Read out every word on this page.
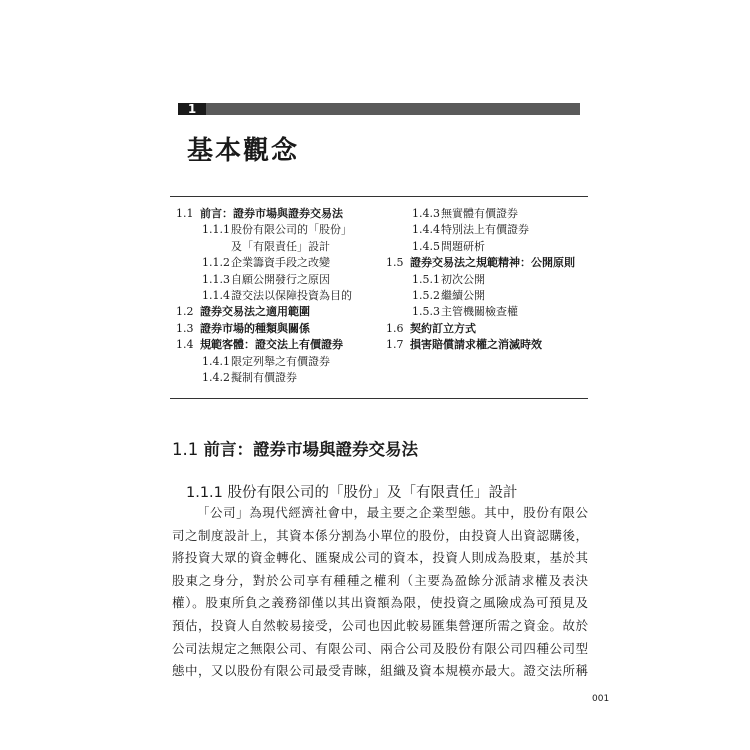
1
基本觀念
1.1 前言：證券市場與證券交易法
1.1.1股份有限公司的「股份」
及「有限責任」設計
1.1.2企業籌資手段之改變
1.1.3自願公開發行之原因
1.1.4證交法以保障投資為目的
1.2 證券交易法之適用範圍
1.3 證券市場的種類與關係
1.4 規範客體：證交法上有價證券
1.4.1限定列舉之有價證券
1.4.2擬制有價證券
1.4.3無實體有價證券
1.4.4特別法上有價證券
1.4.5問題研析
1.5 證券交易法之規範精神：公開原則
1.5.1初次公開
1.5.2繼續公開
1.5.3主管機關檢查權
1.6 契約訂立方式
1.7 損害賠償請求權之消滅時效
1.1 前言：證券市場與證券交易法
1.1.1 股份有限公司的「股份」及「有限責任」設計
「公司」為現代經濟社會中，最主要之企業型態。其中，股份有限公
司之制度設計上，其資本係分割為小單位的股份，由投資人出資認購後，
將投資大眾的資金轉化、匯聚成公司的資本，投資人則成為股東，基於其
股東之身分，對於公司享有種種之權利（主要為盈餘分派請求權及表決
權）。股東所負之義務卻僅以其出資額為限，使投資之風險成為可預見及
預估，投資人自然較易接受，公司也因此較易匯集營運所需之資金。故於
公司法規定之無限公司、有限公司、兩合公司及股份有限公司四種公司型
態中，又以股份有限公司最受青睞，組織及資本規模亦最大。證交法所稱
001
